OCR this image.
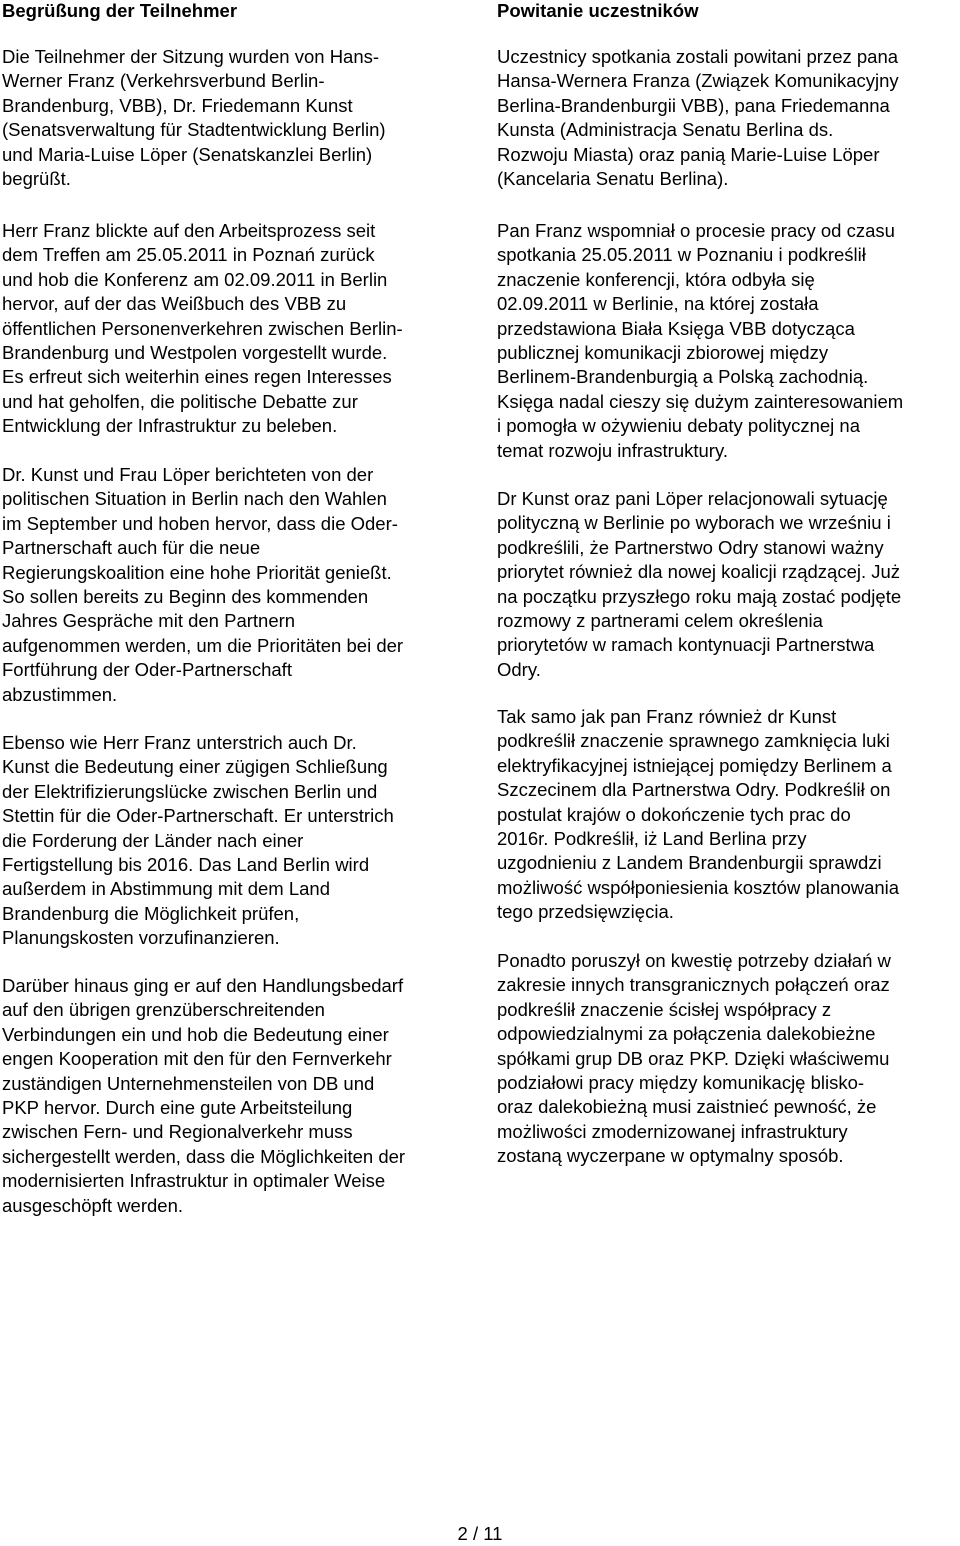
Begrüßung der Teilnehmer

Die Teilnehmer der Sitzung wurden von Hans-
Werner Franz (Verkehrsverbund Berlin-
Brandenburg, VBB), Dr. Friedemann Kunst
(Senatsverwaltung für Stadtentwicklung Berlin)
und Maria-Luise Löper (Senatskanzlei Berlin)
begrüßt.

Herr Franz blickte auf den Arbeitsprozess seit
dem Treffen am 25.05.2011 in Poznań zurück
und hob die Konferenz am 02.09.2011 in Berlin
hervor, auf der das Weißbuch des VBB zu
öffentlichen Personenverkehren zwischen Berlin-
Brandenburg und Westpolen vorgestellt wurde.
Es erfreut sich weiterhin eines regen Interesses
und hat geholfen, die politische Debatte zur
Entwicklung der Infrastruktur zu beleben.

Dr. Kunst und Frau Löper berichteten von der
politischen Situation in Berlin nach den Wahlen
im September und hoben hervor, dass die Oder-
Partnerschaft auch für die neue
Regierungskoalition eine hohe Priorität genießt.
So sollen bereits zu Beginn des kommenden
Jahres Gespräche mit den Partnern
aufgenommen werden, um die Prioritäten bei der
Fortführung der Oder-Partnerschaft
abzustimmen.

Ebenso wie Herr Franz unterstrich auch Dr.
Kunst die Bedeutung einer zügigen Schließung
der Elektrifizierungslücke zwischen Berlin und
Stettin für die Oder-Partnerschaft. Er unterstrich
die Forderung der Länder nach einer
Fertigstellung bis 2016. Das Land Berlin wird
außerdem in Abstimmung mit dem Land
Brandenburg die Möglichkeit prüfen,
Planungskosten vorzufinanzieren.

Darüber hinaus ging er auf den Handlungsbedarf
auf den übrigen grenzüberschreitenden
Verbindungen ein und hob die Bedeutung einer
engen Kooperation mit den für den Fernverkehr
zuständigen Unternehmensteilen von DB und
PKP hervor. Durch eine gute Arbeitsteilung
zwischen Fern- und Regionalverkehr muss
sichergestellt werden, dass die Möglichkeiten der
modernisierten Infrastruktur in optimaler Weise
ausgeschöpft werden.

Powitanie uczestników

Uczestnicy spotkania zostali powitani przez pana
Hansa-Wernera Franza (Związek Komunikacyjny
Berlina-Brandenburgii VBB), pana Friedemanna
Kunsta (Administracja Senatu Berlina ds.
Rozwoju Miasta) oraz panią Marie-Luise Löper
(Kancelaria Senatu Berlina).

Pan Franz wspomniał o procesie pracy od czasu
spotkania 25.05.2011 w Poznaniu i podkreślił
znaczenie konferencji, która odbyła się
02.09.2011 w Berlinie, na której została
przedstawiona Biała Księga VBB dotycząca
publicznej komunikacji zbiorowej między
Berlinem-Brandenburgią a Polską zachodnią.
Księga nadal cieszy się dużym zainteresowaniem
i pomogła w ożywieniu debaty politycznej na
temat rozwoju infrastruktury.

Dr Kunst oraz pani Löper relacjonowali sytuację
polityczną w Berlinie po wyborach we wrześniu i
podkreślili, że Partnerstwo Odry stanowi ważny
priorytet również dla nowej koalicji rządzącej. Już
na początku przyszłego roku mają zostać podjęte
rozmowy z partnerami celem określenia
priorytetów w ramach kontynuacji Partnerstwa
Odry.

Tak samo jak pan Franz również dr Kunst
podkreślił znaczenie sprawnego zamknięcia luki
elektryfikacyjnej istniejącej pomiędzy Berlinem a
Szczecinem dla Partnerstwa Odry. Podkreślił on
postulat krajów o dokończenie tych prac do
2016r. Podkreślił, iż Land Berlina przy
uzgodnieniu z Landem Brandenburgii sprawdzi
możliwość współponiesienia kosztów planowania
tego przedsięwzięcia.

Ponadto poruszył on kwestię potrzeby działań w
zakresie innych transgranicznych połączeń oraz
podkreślił znaczenie ścisłej współpracy z
odpowiedzialnymi za połączenia dalekobieżne
spółkami grup DB oraz PKP. Dzięki właściwemu
podziałowi pracy między komunikację blisko-
oraz dalekobieżną musi zaistnieć pewność, że
możliwości zmodernizowanej infrastruktury
zostaną wyczerpane w optymalny sposób.

2 / 11
